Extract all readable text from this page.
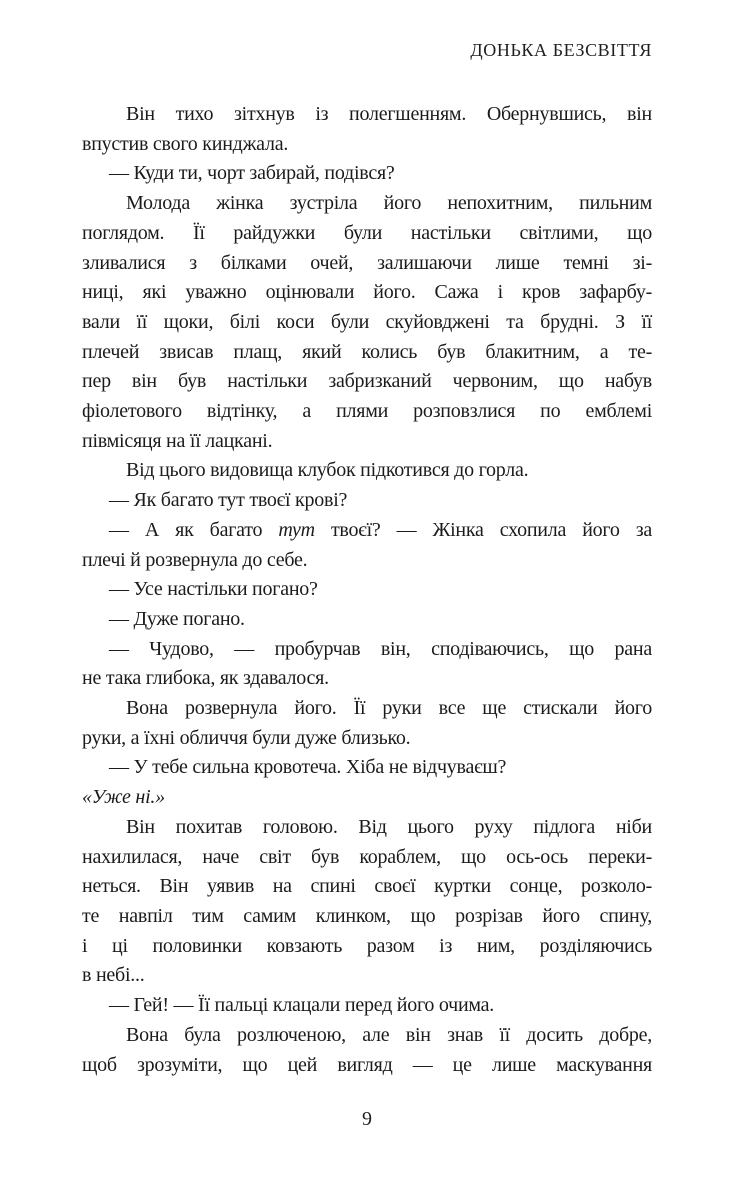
ДОНЬКА БЕЗСВІТТЯ
Він тихо зітхнув із полегшенням. Обернувшись, він
впустив свого кинджала.
— Куди ти, чорт забирай, подівся?
Молода жінка зустріла його непохитним, пильним
поглядом. Її райдужки були настільки світлими, що
зливалися з білками очей, залишаючи лише темні зі-
ниці, які уважно оцінювали його. Сажа і кров зафарбу-
вали її щоки, білі коси були скуйовджені та брудні. З її
плечей звисав плащ, який колись був блакитним, а те-
пер він був настільки забризканий червоним, що набув
фіолетового відтінку, а плями розповзлися по емблемі
півмісяця на її лацкані.
Від цього видовища клубок підкотився до горла.
— Як багато тут твоєї крові?
— А як багато тут твоєї? — Жінка схопила його за
плечі й розвернула до себе.
— Усе настільки погано?
— Дуже погано.
— Чудово, — пробурчав він, сподіваючись, що рана
не така глибока, як здавалося.
Вона розвернула його. Її руки все ще стискали його
руки, а їхні обличчя були дуже близько.
— У тебе сильна кровотеча. Хіба не відчуваєш?
«Уже ні.»
Він похитав головою. Від цього руху підлога ніби
нахилилася, наче світ був кораблем, що ось-ось переки-
неться. Він уявив на спині своєї куртки сонце, розколо-
те навпіл тим самим клинком, що розрізав його спину,
і ці половинки ковзають разом із ним, розділяючись
в небі...
— Гей! — Її пальці клацали перед його очима.
Вона була розлюченою, але він знав її досить добре,
щоб зрозуміти, що цей вигляд — це лише маскування
9
